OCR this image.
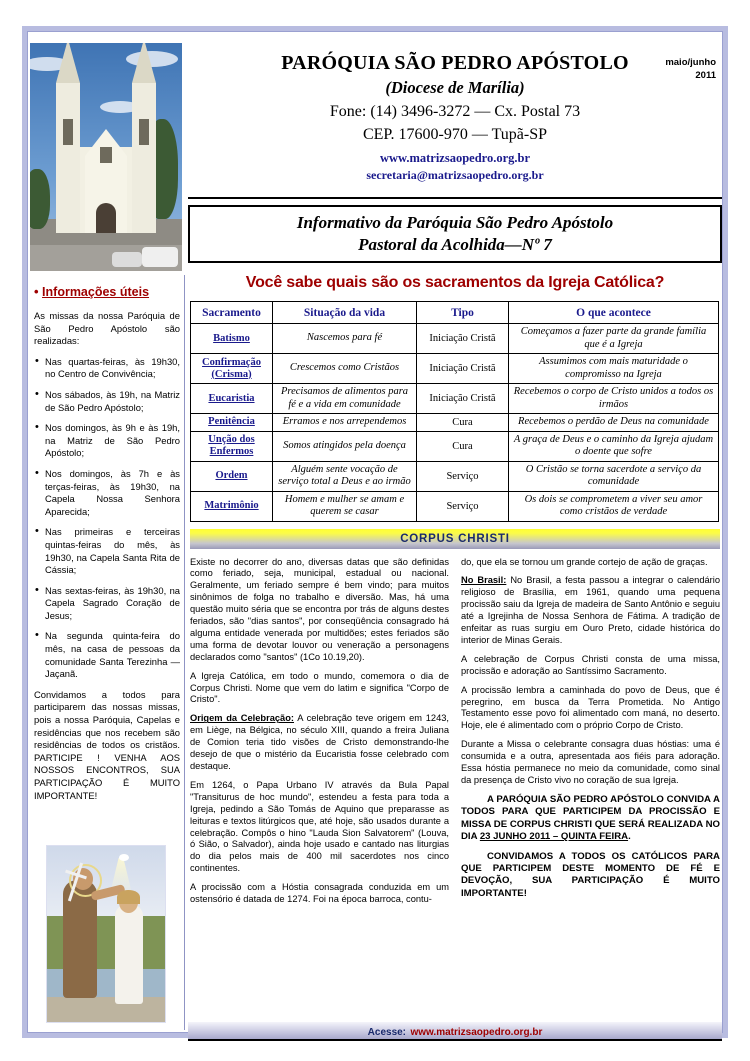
• Informações úteis

As missas da nossa Paróquia de São Pedro Apóstolo são realizadas:

• Nas quartas-feiras, às 19h30, no Centro de Convivência;
• Nos sábados, às 19h, na Matriz de São Pedro Apóstolo;
• Nos domingos, às 9h e às 19h, na Matriz de São Pedro Apóstolo;
• Nos domingos, às 7h e às terças-feiras, às 19h30, na Capela Nossa Senhora Aparecida;
• Nas primeiras e terceiras quintas-feiras do mês, às 19h30, na Capela Santa Rita de Cássia;
• Nas sextas-feiras, às 19h30, na Capela Sagrado Coração de Jesus;
• Na segunda quinta-feira do mês, na casa de pessoas da comunidade Santa Terezinha — Jaçanã.

Convidamos a todos para participarem das nossas missas, pois a nossa Paróquia, Capelas e residências que nos recebem são residências de todos os cristãos. PARTICIPE ! VENHA AOS NOSSOS ENCONTROS, SUA PARTICIPAÇÃO É MUITO IMPORTANTE!

PARÓQUIA SÃO PEDRO APÓSTOLO
(Diocese de Marília)
Fone: (14) 3496-3272 — Cx. Postal 73
CEP. 17600-970 — Tupã-SP
www.matrizsaopedro.org.br
secretaria@matrizsaopedro.org.br
maio/junho
2011
Informativo da Paróquia São Pedro Apóstolo
Pastoral da Acolhida—Nº 7
Você sabe quais são os sacramentos da Igreja Católica?
Sacramento	Situação da vida	Tipo	O que acontece
Batismo	Nascemos para fé	Iniciação Cristã	Começamos a fazer parte da grande família que é a Igreja
Confirmação (Crisma)	Crescemos como Cristãos	Iniciação Cristã	Assumimos com mais maturidade o compromisso na Igreja
Eucaristia	Precisamos de alimentos para fé e a vida em comunidade	Iniciação Cristã	Recebemos o corpo de Cristo unidos a todos os irmãos
Penitência	Erramos e nos arrependemos	Cura	Recebemos o perdão de Deus na comunidade
Unção dos Enfermos	Somos atingidos pela doença	Cura	A graça de Deus e o caminho da Igreja ajudam o doente que sofre
Ordem	Alguém sente vocação de serviço total a Deus e ao irmão	Serviço	O Cristão se torna sacerdote a serviço da comunidade
Matrimônio	Homem e mulher se amam e querem se casar	Serviço	Os dois se comprometem a viver seu amor como cristãos de verdade
CORPUS CHRISTI

Existe no decorrer do ano, diversas datas que são definidas como feriado, seja, municipal, estadual ou nacional. Geralmente, um feriado sempre é bem vindo; para muitos sinônimos de folga no trabalho e diversão. Mas, há uma questão muito séria que se encontra por trás de alguns destes feriados, são "dias santos", por conseqüência consagrado há alguma entidade venerada por multidões; estes feriados são uma forma de devotar louvor ou veneração a personagens declarados como "santos" (1Co 10.19,20).

A Igreja Católica, em todo o mundo, comemora o dia de Corpus Christi. Nome que vem do latim e significa "Corpo de Cristo".

Origem da Celebração: A celebração teve origem em 1243, em Liège, na Bélgica, no século XIII, quando a freira Juliana de Comion teria tido visões de Cristo demonstrando-lhe desejo de que o mistério da Eucaristia fosse celebrado com destaque.

Em 1264, o Papa Urbano IV através da Bula Papal "Transiturus de hoc mundo", estendeu a festa para toda a Igreja, pedindo a São Tomás de Aquino que preparasse as leituras e textos litúrgicos que, até hoje, são usados durante a celebração. Compôs o hino "Lauda Sion Salvatorem" (Louva, ó Sião, o Salvador), ainda hoje usado e cantado nas liturgias do dia pelos mais de 400 mil sacerdotes nos cinco continentes.

A procissão com a Hóstia consagrada conduzida em um ostensório é datada de 1274. Foi na época barroca, contu-

do, que ela se tornou um grande cortejo de ação de graças.

No Brasil: No Brasil, a festa passou a integrar o calendário religioso de Brasília, em 1961, quando uma pequena procissão saiu da Igreja de madeira de Santo Antônio e seguiu até a Igrejinha de Nossa Senhora de Fátima. A tradição de enfeitar as ruas surgiu em Ouro Preto, cidade histórica do interior de Minas Gerais.

A celebração de Corpus Christi consta de uma missa, procissão e adoração ao Santíssimo Sacramento.

A procissão lembra a caminhada do povo de Deus, que é peregrino, em busca da Terra Prometida. No Antigo Testamento esse povo foi alimentado com maná, no deserto. Hoje, ele é alimentado com o próprio Corpo de Cristo.

Durante a Missa o celebrante consagra duas hóstias: uma é consumida e a outra, apresentada aos fiéis para adoração. Essa hóstia permanece no meio da comunidade, como sinal da presença de Cristo vivo no coração de sua Igreja.

A PARÓQUIA SÃO PEDRO APÓSTOLO CONVIDA A TODOS PARA QUE PARTICIPEM DA PROCISSÃO E MISSA DE CORPUS CHRISTI QUE SERÁ REALIZADA NO DIA 23 JUNHO 2011 – QUINTA FEIRA.

CONVIDAMOS A TODOS OS CATÓLICOS PARA QUE PARTICIPEM DESTE MOMENTO DE FÉ E DEVOÇÃO, SUA PARTICIPAÇÃO É MUITO IMPORTANTE!

Acesse: www.matrizsaopedro.org.br
